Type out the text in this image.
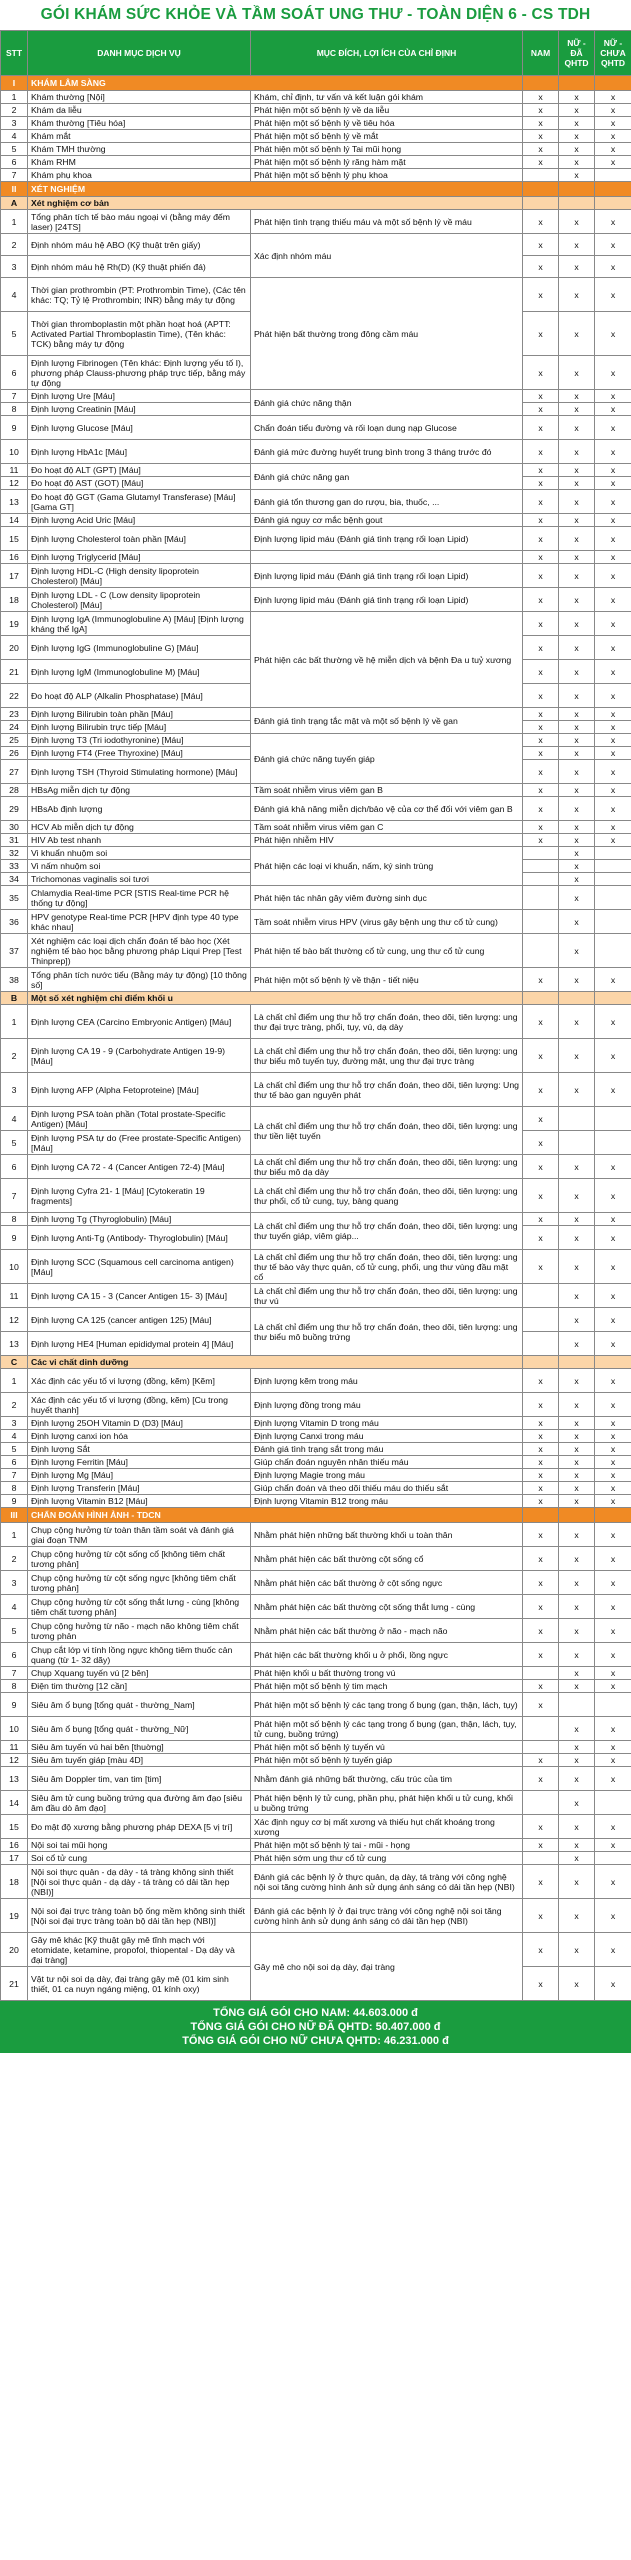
GÓI KHÁM SỨC KHỎE VÀ TẦM SOÁT UNG THƯ - TOÀN DIỆN 6 - CS TDH
STT	DANH MỤC DỊCH VỤ	MỤC ĐÍCH, LỢI ÍCH CỦA CHỈ ĐỊNH	NAM	NỮ - ĐÃ QHTD	NỮ - CHƯA QHTD
I	KHÁM LÂM SÀNG				
1	Khám thường [Nội]	Khám, chỉ định, tư vấn và kết luận gói khám	x	x	x
2	Khám da liễu	Phát hiện một số bệnh lý về da liễu	x	x	x
3	Khám thường [Tiêu hóa]	Phát hiện một số bệnh lý về tiêu hóa	x	x	x
4	Khám mắt	Phát hiện một số bệnh lý về mắt	x	x	x
5	Khám TMH thường	Phát hiện một số bệnh lý Tai mũi họng	x	x	x
6	Khám RHM	Phát hiện một số bệnh lý răng hàm mặt	x	x	x
7	Khám phụ khoa	Phát hiện một số bệnh lý phụ khoa		x	
II	XÉT NGHIỆM				
A	Xét nghiệm cơ bản				
1	Tổng phân tích tế bào máu ngoại vi (bằng máy đếm laser) [24TS]	Phát hiện tình trạng thiếu máu và một số bệnh lý về máu	x	x	x
2	Định nhóm máu hệ ABO (Kỹ thuật trên giấy)	Xác định nhóm máu	x	x	x
3	Định nhóm máu hệ Rh(D) (Kỹ thuật phiến đá)		x	x	x
4	Thời gian prothrombin (PT: Prothrombin Time), (Các tên khác: TQ; Tỷ lệ Prothrombin; INR) bằng máy tự động	Phát hiện bất thường trong đông cầm máu	x	x	x
5	Thời gian thromboplastin một phần hoạt hoá (APTT: Activated Partial Thromboplastin Time), (Tên khác: TCK) bằng máy tự động		x	x	x
6	Định lượng Fibrinogen (Tên khác: Định lượng yếu tố I), phương pháp Clauss-phương pháp trực tiếp, bằng máy tự động		x	x	x
7	Định lượng Ure [Máu]	Đánh giá chức năng thận	x	x	x
8	Định lượng Creatinin [Máu]		x	x	x
9	Định lượng Glucose [Máu]	Chẩn đoán tiểu đường và rối loạn dung nạp Glucose	x	x	x
10	Định lượng HbA1c [Máu]	Đánh giá mức đường huyết trung bình trong 3 tháng trước đó	x	x	x
11	Đo hoạt độ ALT (GPT) [Máu]	Đánh giá chức năng gan	x	x	x
12	Đo hoạt độ AST (GOT) [Máu]		x	x	x
13	Đo hoạt độ GGT (Gama Glutamyl Transferase) [Máu] [Gama GT]	Đánh giá tổn thương gan do rượu, bia, thuốc, ...	x	x	x
14	Định lượng Acid Uric [Máu]	Đánh giá nguy cơ mắc bệnh gout	x	x	x
15	Định lượng Cholesterol toàn phần [Máu]	Định lượng lipid máu (Đánh giá tình trạng rối loạn Lipid)	x	x	x
16	Định lượng Triglycerid [Máu]		x	x	x
17	Định lượng HDL-C (High density lipoprotein Cholesterol) [Máu]	Định lượng lipid máu (Đánh giá tình trạng rối loạn Lipid)	x	x	x
18	Định lượng LDL - C (Low density lipoprotein Cholesterol) [Máu]	Định lượng lipid máu (Đánh giá tình trạng rối loạn Lipid)	x	x	x
19	Định lượng IgA (Immunoglobuline A) [Máu] [Định lượng kháng thể IgA]	Phát hiện các bất thường về hệ miễn dịch và bệnh Đa u tuỷ xương	x	x	x
20	Định lượng IgG (Immunoglobuline G) [Máu]		x	x	x
21	Định lượng IgM (Immunoglobuline M) [Máu]		x	x	x
22	Đo hoạt độ ALP (Alkalin Phosphatase) [Máu]		x	x	x
23	Định lượng Bilirubin toàn phần [Máu]	Đánh giá tình trạng tắc mật và một số bệnh lý về gan	x	x	x
24	Định lượng Bilirubin trực tiếp [Máu]		x	x	x
25	Định lượng T3 (Tri iodothyronine) [Máu]	Đánh giá chức năng tuyến giáp	x	x	x
26	Định lượng FT4 (Free Thyroxine) [Máu]		x	x	x
27	Định lượng TSH (Thyroid Stimulating hormone) [Máu]		x	x	x
28	HBsAg miễn dịch tự động	Tầm soát nhiễm virus viêm gan B	x	x	x
29	HBsAb định lượng	Đánh giá khả năng miễn dịch/bảo vệ của cơ thể đối với viêm gan B	x	x	x
30	HCV Ab miễn dịch tự động	Tầm soát nhiễm virus viêm gan C	x	x	x
31	HIV Ab test nhanh	Phát hiện nhiễm HIV	x	x	x
32	Vi khuẩn nhuộm soi	Phát hiện các loại vi khuẩn, nấm, ký sinh trùng		x	
33	Vi nấm nhuộm soi			x	
34	Trichomonas vaginalis soi tươi			x	
35	Chlamydia Real-time PCR [STIS Real-time PCR hệ thống tự động]	Phát hiện tác nhân gây viêm đường sinh dục		x	
36	HPV genotype Real-time PCR [HPV định type 40 type khác nhau]	Tầm soát nhiễm virus HPV (virus gây bệnh ung thư cổ tử cung)		x	
37	Xét nghiệm các loại dịch chẩn đoán tế bào học (Xét nghiệm tế bào học bằng phương pháp Liqui Prep [Test Thinprep])	Phát hiện tế bào bất thường cổ tử cung, ung thư cổ tử cung		x	
38	Tổng phân tích nước tiểu (Bằng máy tự động) [10 thông số]	Phát hiện một số bệnh lý về thận - tiết niệu	x	x	x
B	Một số xét nghiệm chỉ điểm khối u				
1	Định lượng CEA (Carcino Embryonic Antigen) [Máu]	Là chất chỉ điểm ung thư hỗ trợ chẩn đoán, theo dõi, tiên lượng: ung thư đại trực tràng, phổi, tụy, vú, dạ dày	x	x	x
2	Định lượng CA 19 - 9 (Carbohydrate Antigen 19-9) [Máu]	Là chất chỉ điểm ung thư hỗ trợ chẩn đoán, theo dõi, tiên lượng: ung thư biểu mô tuyến tụy, đường mật, ung thư đại trực tràng	x	x	x
3	Định lượng AFP (Alpha Fetoproteine) [Máu]	Là chất chỉ điểm ung thư hỗ trợ chẩn đoán, theo dõi, tiên lượng: Ung thư tế bào gan nguyên phát	x	x	x
4	Định lượng PSA toàn phần (Total prostate-Specific Antigen) [Máu]	Là chất chỉ điểm ung thư hỗ trợ chẩn đoán, theo dõi, tiên lượng: ung thư tiền liệt tuyến	x		
5	Định lượng PSA tự do (Free prostate-Specific Antigen) [Máu]		x		
6	Định lượng CA 72 - 4 (Cancer Antigen 72-4) [Máu]	Là chất chỉ điểm ung thư hỗ trợ chẩn đoán, theo dõi, tiên lượng: ung thư biểu mô dạ dày	x	x	x
7	Định lượng Cyfra 21- 1 [Máu] [Cytokeratin 19 fragments]	Là chất chỉ điểm ung thư hỗ trợ chẩn đoán, theo dõi, tiên lượng: ung thư phổi, cổ tử cung, tụy, bàng quang	x	x	x
8	Định lượng Tg (Thyroglobulin) [Máu]	Là chất chỉ điểm ung thư hỗ trợ chẩn đoán, theo dõi, tiên lượng: ung thư tuyến giáp, viêm giáp...	x	x	x
9	Định lượng Anti-Tg (Antibody- Thyroglobulin) [Máu]		x	x	x
10	Định lượng SCC (Squamous cell carcinoma antigen) [Máu]	Là chất chỉ điểm ung thư hỗ trợ chẩn đoán, theo dõi, tiên lượng: ung thư tế bào vảy thực quản, cổ tử cung, phổi, ung thư vùng đầu mặt cổ	x	x	x
11	Định lượng CA 15 - 3 (Cancer Antigen 15- 3) [Máu]	Là chất chỉ điểm ung thư hỗ trợ chẩn đoán, theo dõi, tiên lượng: ung thư vú		x	x
12	Định lượng CA 125 (cancer antigen 125) [Máu]	Là chất chỉ điểm ung thư hỗ trợ chẩn đoán, theo dõi, tiên lượng: ung thư biểu mô buồng trứng		x	x
13	Định lượng HE4 [Human epididymal protein 4] [Máu]			x	x
C	Các vi chất dinh dưỡng				
1	Xác định các yếu tố vi lượng (đồng, kẽm) [Kẽm]	Định lượng kẽm trong máu	x	x	x
2	Xác định các yếu tố vi lượng (đồng, kẽm) [Cu trong huyết thanh]	Định lượng đồng trong máu	x	x	x
3	Định lượng 25OH Vitamin D (D3) [Máu]	Định lượng Vitamin D trong máu	x	x	x
4	Định lượng canxi ion hóa	Định lượng Canxi trong máu	x	x	x
5	Định lượng Sắt	Đánh giá tình trạng sắt trong máu	x	x	x
6	Định lượng Ferritin [Máu]	Giúp chẩn đoán nguyên nhân thiếu máu	x	x	x
7	Định lượng Mg [Máu]	Định lượng Magie trong máu	x	x	x
8	Định lượng Transferin [Máu]	Giúp chẩn đoán và theo dõi thiếu máu do thiếu sắt	x	x	x
9	Định lượng Vitamin B12 [Máu]	Định lượng Vitamin B12 trong máu	x	x	x
III	CHẨN ĐOÁN HÌNH ẢNH - TDCN				
1	Chụp cộng hưởng từ toàn thân tầm soát và đánh giá giai đoạn TNM	Nhằm phát hiện những bất thường khối u toàn thân	x	x	x
2	Chụp cộng hưởng từ cột sống cổ [không tiêm chất tương phản]	Nhằm phát hiện các bất thường cột sống cổ	x	x	x
3	Chụp cộng hưởng từ cột sống ngực [không tiêm chất tương phản]	Nhằm phát hiện các bất thường ở cột sống ngực	x	x	x
4	Chụp cộng hưởng từ cột sống thắt lưng - cùng [không tiêm chất tương phản]	Nhằm phát hiện các bất thường cột sống thắt lưng - cùng	x	x	x
5	Chụp cộng hưởng từ não - mạch não không tiêm chất tương phản	Nhằm phát hiện các bất thường ở não - mạch não	x	x	x
6	Chụp cắt lớp vi tính lồng ngực không tiêm thuốc cản quang (từ 1- 32 dãy)	Phát hiện các bất thường khối u ở phổi, lồng ngực	x	x	x
7	Chụp Xquang tuyến vú [2 bên]	Phát hiện khối u bất thường trong vú		x	x
8	Điện tim thường [12 cần]	Phát hiện một số bệnh lý tim mạch	x	x	x
9	Siêu âm ổ bụng [tổng quát - thường_Nam]	Phát hiện một số bệnh lý các tạng trong ổ bụng (gan, thận, lách, tụy)	x		
10	Siêu âm ổ bụng [tổng quát - thường_Nữ]	Phát hiện một số bệnh lý các tạng trong ổ bụng (gan, thận, lách, tụy, tử cung, buồng trứng)		x	x
11	Siêu âm tuyến vú hai bên [thuờng]	Phát hiện một số bệnh lý tuyến vú		x	x
12	Siêu âm tuyến giáp [màu 4D]	Phát hiện một số bệnh lý tuyến giáp	x	x	x
13	Siêu âm Doppler tim, van tim [tim]	Nhằm đánh giá những bất thường, cấu trúc của tim	x	x	x
14	Siêu âm tử cung buồng trứng qua đường âm đạo [siêu âm đầu dò âm đạo]	Phát hiện bệnh lý tử cung, phần phụ, phát hiện khối u tử cung, khối u buồng trứng		x	
15	Đo mật độ xương bằng phương pháp DEXA [5 vị trí]	Xác định nguy cơ bị mất xương và thiếu hụt chất khoáng trong xương	x	x	x
16	Nội soi tai mũi họng	Phát hiện một số bệnh lý tai - mũi - họng	x	x	x
17	Soi cổ tử cung	Phát hiện sớm ung thư cổ tử cung		x	
18	Nội soi thực quản - dạ dày - tá tràng không sinh thiết [Nội soi thực quản - dạ dày - tá tràng có dải tần hẹp (NBI)]	Đánh giá các bệnh lý ở thực quản, dạ dày, tá tràng với công nghệ nội soi tăng cường hình ảnh sử dụng ánh sáng có dải tần hẹp (NBI)	x	x	x
19	Nội soi đại trực tràng toàn bộ ống mềm không sinh thiết [Nội soi đại trực tràng toàn bộ dải tần hẹp (NBI)]	Đánh giá các bệnh lý ở đại trực tràng với công nghệ nội soi tăng cường hình ảnh sử dụng ánh sáng có dải tần hẹp (NBI)	x	x	x
20	Gây mê khác [Kỹ thuật gây mê tĩnh mạch với etomidate, ketamine, propofol, thiopental - Dạ dày và đại tràng]	Gây mê cho nội soi dạ dày, đại tràng	x	x	x
21	Vật tư nội soi dạ dày, đại tràng gây mê (01 kim sinh thiết, 01 ca nuyn ngáng miệng, 01 kính oxy)		x	x	x
TỔNG GIÁ GÓI CHO NAM: 44.603.000 đ
TỔNG GIÁ GÓI CHO NỮ ĐÃ QHTD: 50.407.000 đ
TỔNG GIÁ GÓI CHO NỮ CHƯA QHTD: 46.231.000 đ
